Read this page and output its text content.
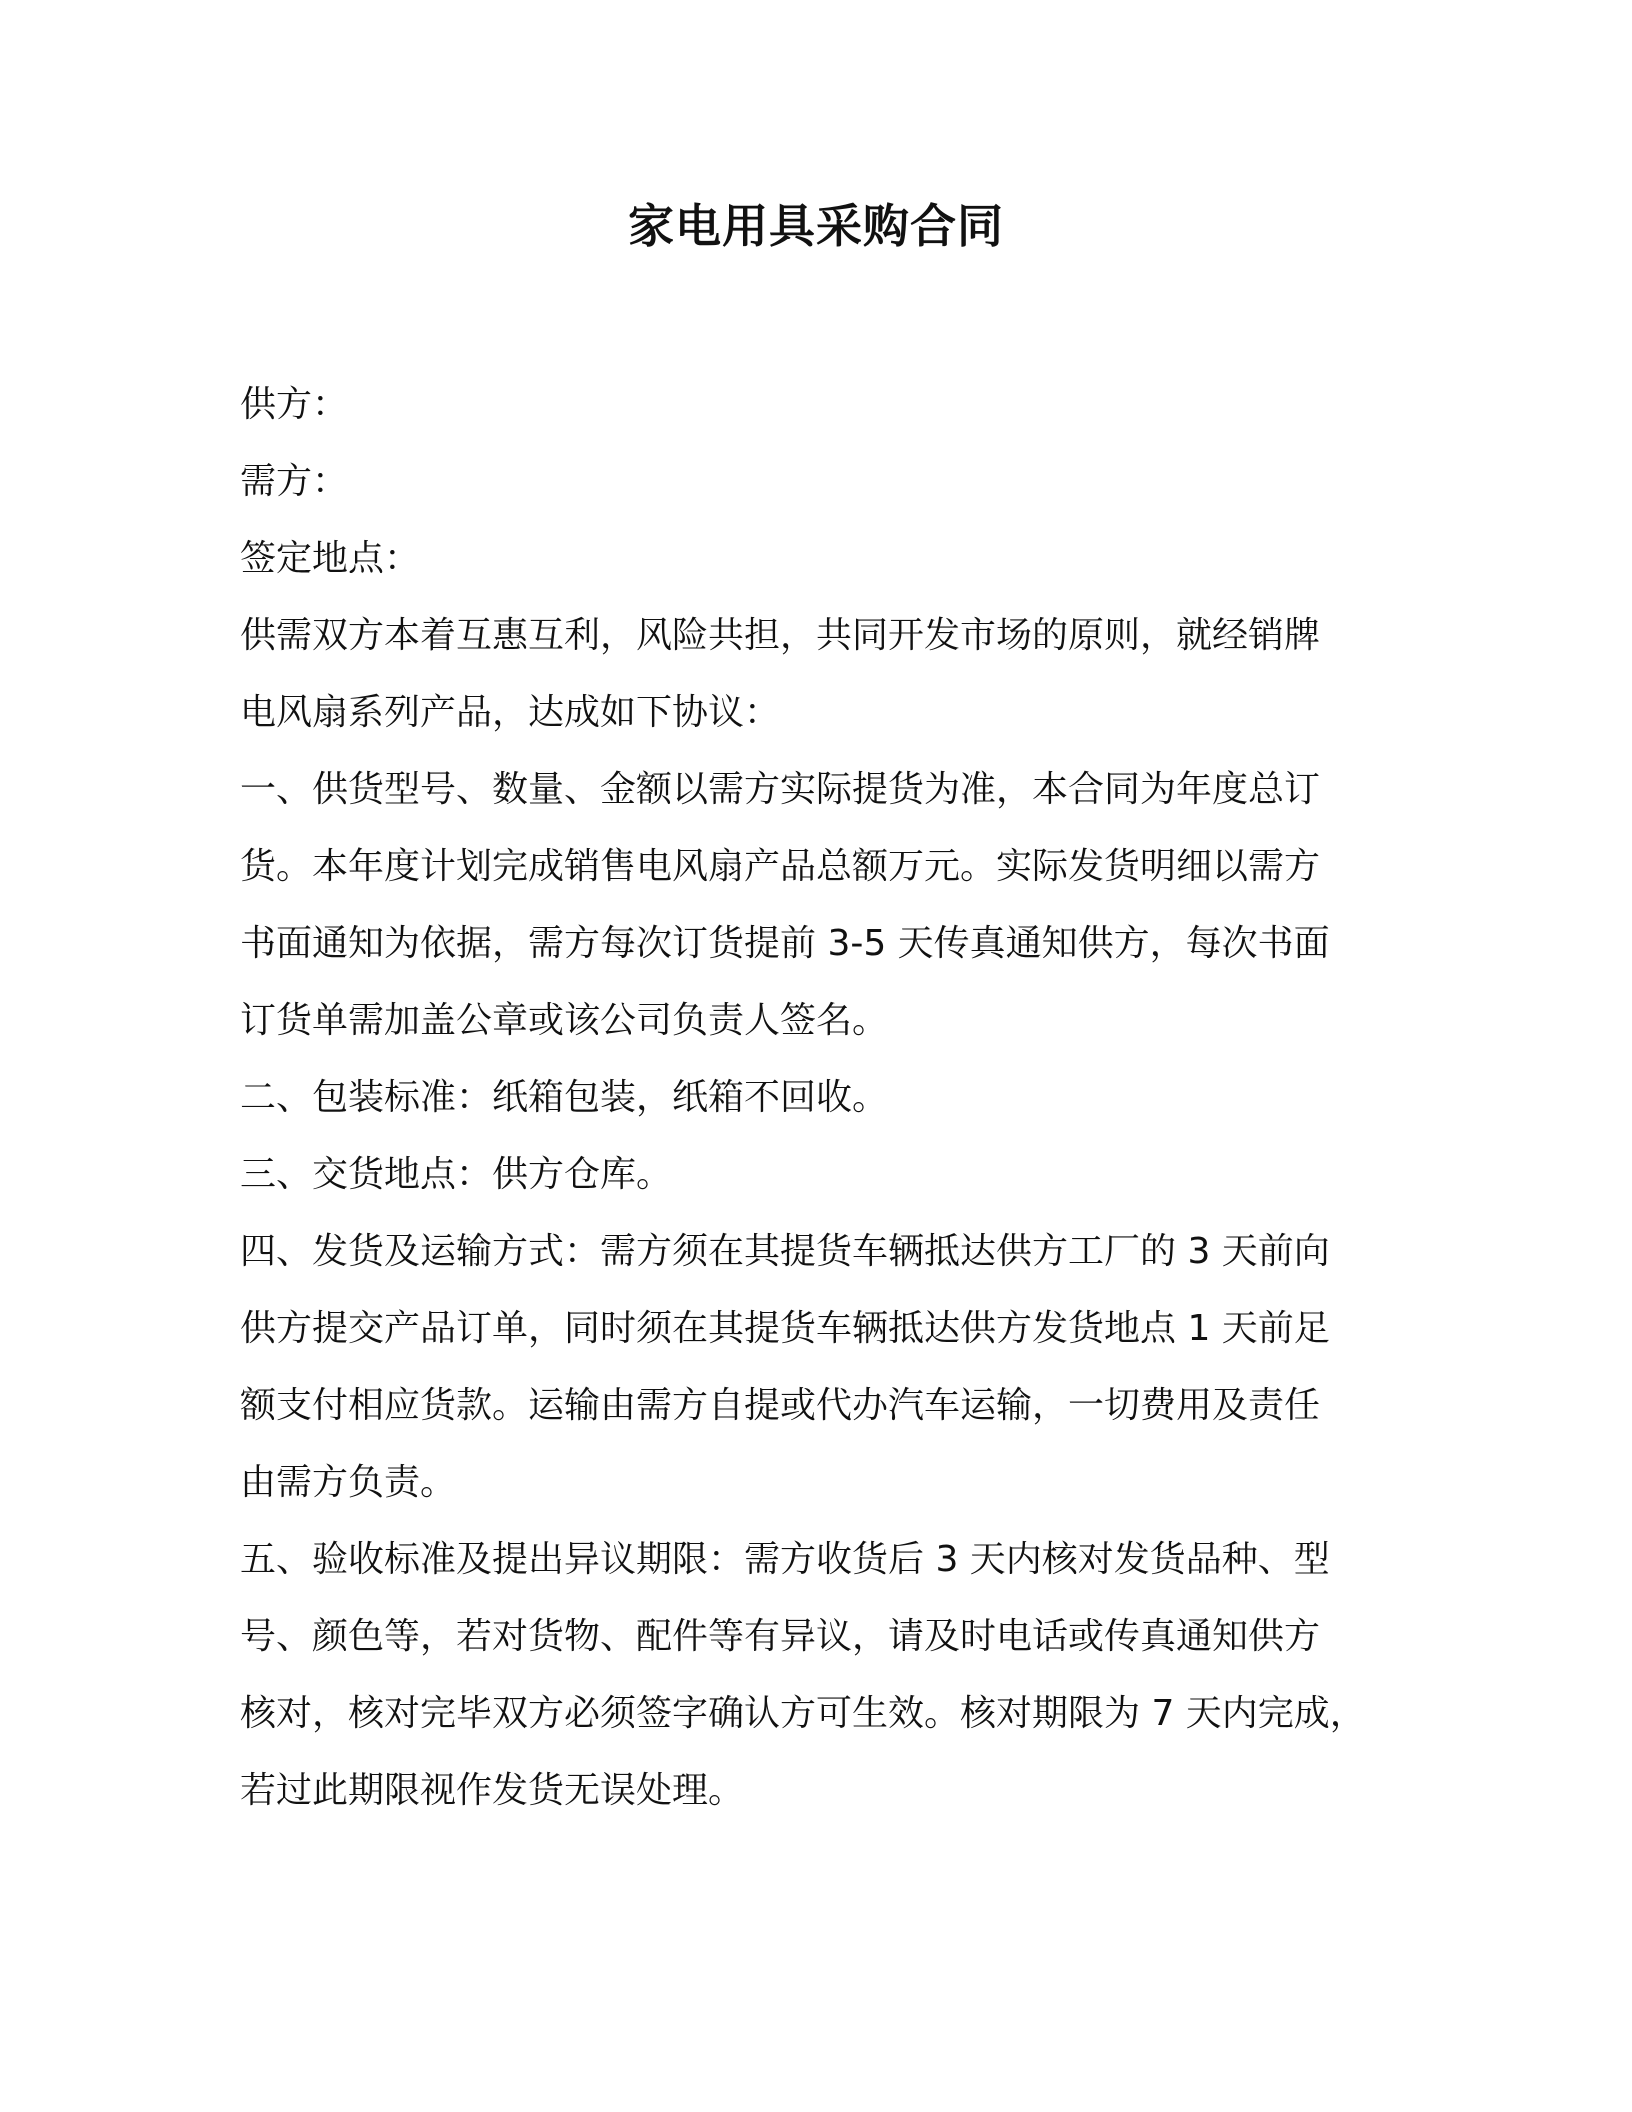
家电用具采购合同
供方：
需方：
签定地点：
供需双方本着互惠互利，风险共担，共同开发市场的原则，就经销牌
电风扇系列产品，达成如下协议：
一、供货型号、数量、金额以需方实际提货为准，本合同为年度总订
货。本年度计划完成销售电风扇产品总额万元。实际发货明细以需方
书面通知为依据，需方每次订货提前 3-5 天传真通知供方，每次书面
订货单需加盖公章或该公司负责人签名。
二、包装标准：纸箱包装，纸箱不回收。
三、交货地点：供方仓库。
四、发货及运输方式：需方须在其提货车辆抵达供方工厂的 3 天前向
供方提交产品订单，同时须在其提货车辆抵达供方发货地点 1 天前足
额支付相应货款。运输由需方自提或代办汽车运输，一切费用及责任
由需方负责。
五、验收标准及提出异议期限：需方收货后 3 天内核对发货品种、型
号、颜色等，若对货物、配件等有异议，请及时电话或传真通知供方
核对，核对完毕双方必须签字确认方可生效。核对期限为 7 天内完成，
若过此期限视作发货无误处理。
